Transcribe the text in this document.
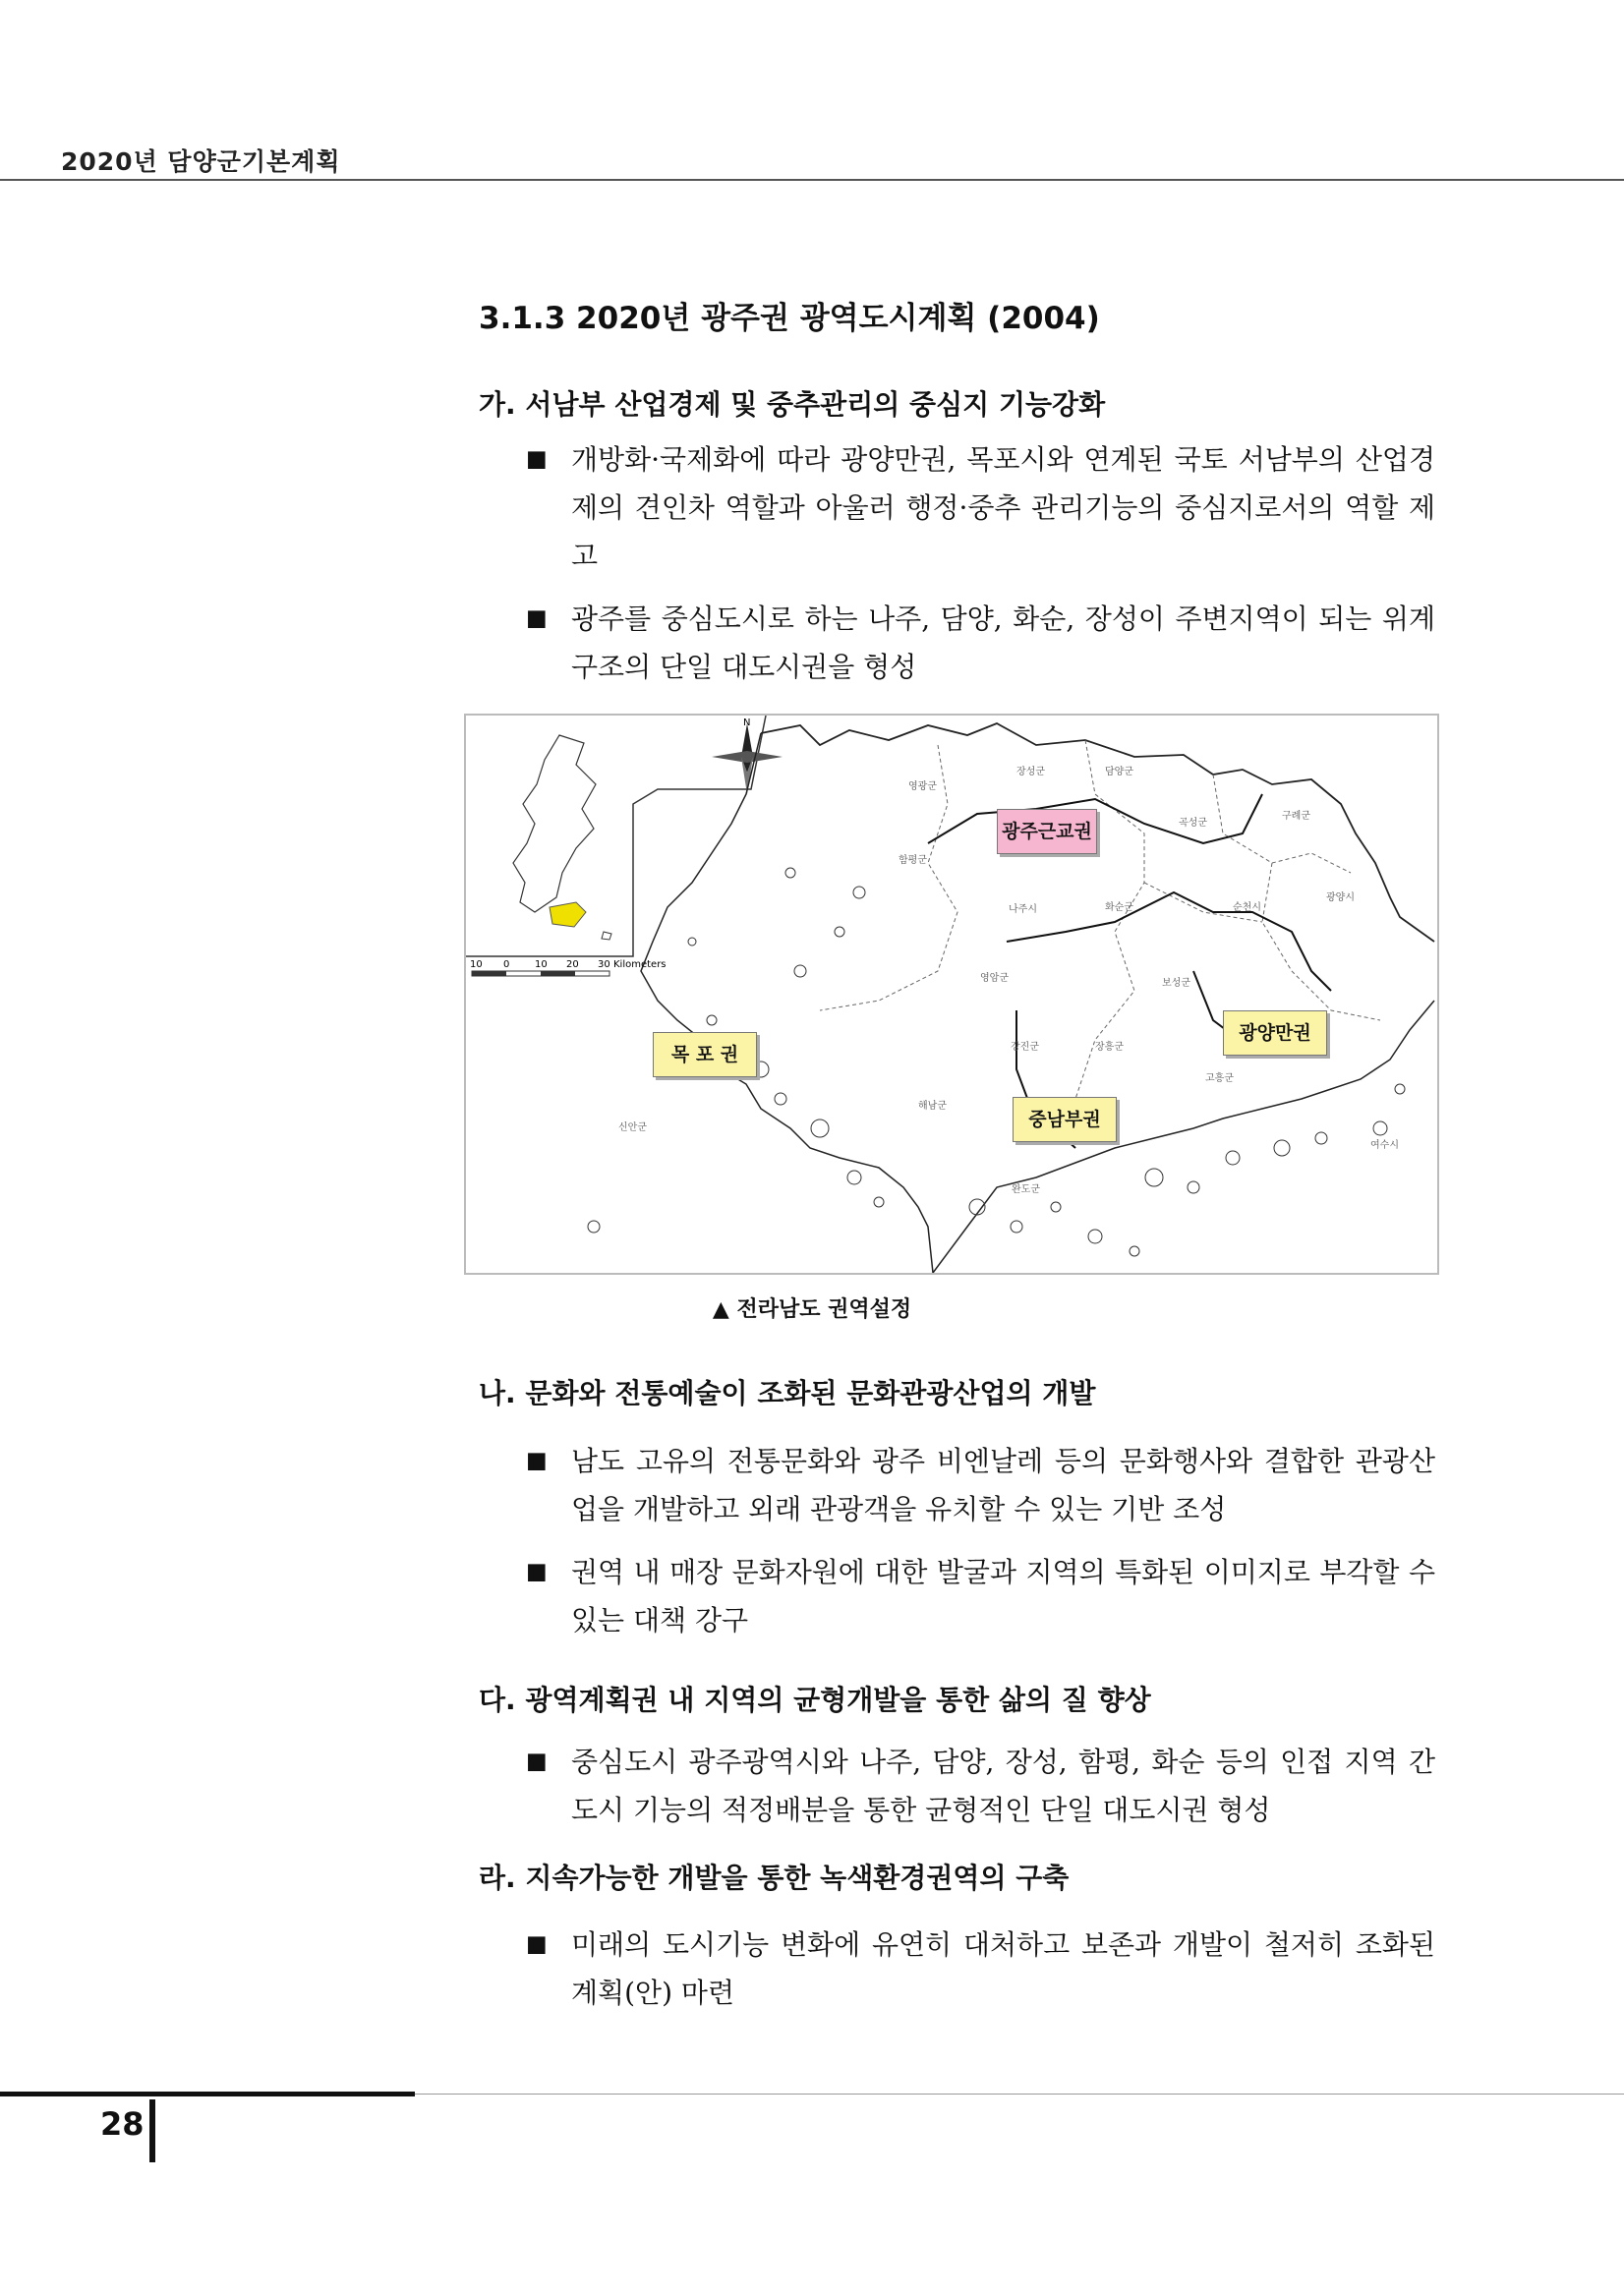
2020년 담양군기본계획
3.1.3 2020년 광주권 광역도시계획 (2004)
가. 서남부 산업경제 및 중추관리의 중심지 기능강화
■ 개방화·국제화에 따라 광양만권, 목포시와 연계된 국토 서남부의 산업경제의 견인차 역할과 아울러 행정·중추 관리기능의 중심지로서의 역할 제고
■ 광주를 중심도시로 하는 나주, 담양, 화순, 장성이 주변지역이 되는 위계구조의 단일 대도시권을 형성
10 0	10 20 30 Kilometers
N
영광군
장성군	담양군
곡성군
구례군
함평군
나주시	화순군	순천시
광양시
영암군	보성군
강진군	장흥군
고흥군
해남군
신안군
완도군
여수시
광주근교권
목 포 권
중남부권
광양만권
▲ 전라남도 권역설정
나. 문화와 전통예술이 조화된 문화관광산업의 개발
■ 남도 고유의 전통문화와 광주 비엔날레 등의 문화행사와 결합한 관광산업을 개발하고 외래 관광객을 유치할 수 있는 기반 조성
■ 권역 내 매장 문화자원에 대한 발굴과 지역의 특화된 이미지로 부각할 수 있는 대책 강구
다. 광역계획권 내 지역의 균형개발을 통한 삶의 질 향상
■ 중심도시 광주광역시와 나주, 담양, 장성, 함평, 화순 등의 인접 지역 간 도시 기능의 적정배분을 통한 균형적인 단일 대도시권 형성
라. 지속가능한 개발을 통한 녹색환경권역의 구축
■ 미래의 도시기능 변화에 유연히 대처하고 보존과 개발이 철저히 조화된 계획(안) 마련
28
